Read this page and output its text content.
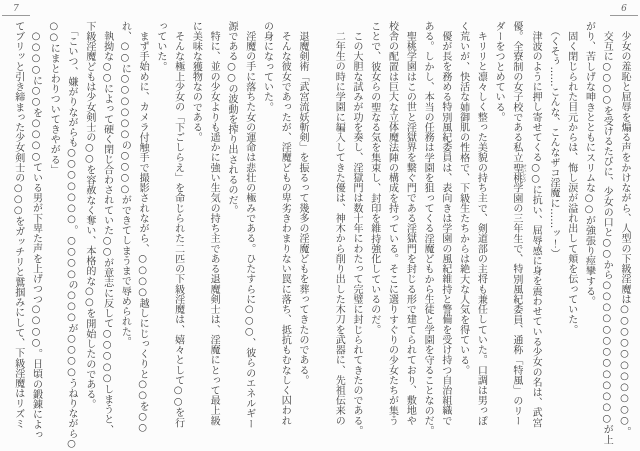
7	6
退魔剣術「武宮流妖斬剣」を振るって幾多の淫魔どもを葬ってきたのである。
そんな彼女であったが、淫魔どもの卑劣きわまりない罠に落ち、抵抗もむなしく囚われ
の身になっていた。
淫魔の手に落ちた女の運命は悲壮の極みである。ひたすらに○○○、彼らのエネルギー
源である○○の波動を搾り出されるのだ。
特に、並の少女よりも遥かに強い生気の持ち主である退魔剣士は、淫魔にとって最上級
に美味な獲物なのである。
そんな極上少女の「下ごしらえ」を命じられた二匹の下級淫魔は、嬉々として○○を行
っていた。
まず手始めに、カメラ付触手で撮影されながら、○○○○越しにじっくりと○○を○○
れ、○○に○○○○○○の○○○○ができてしまうまで辱められた。
執拗な○○によって硬く閉じ合わされていた○○が意志に反して○○○○○しまうと、
下級淫魔どもは少女剣士の○○を容赦なく奪い、本格的な○○を開始したのである。
「こいつ、嫌がりながらも○○○○○○○。○○○○の○○○が○○○○うねりながら○
○○にまとわりついてきやがる」
○○○○に○○を○○○○ている男が下卑た声を上げつつ○○○○。日頃の鍛錬によっ
てブリッと引き締まった少女剣士の○○○をガッチリと鷲掴みにして、下級淫魔はリズミ	少女の羞恥と屈辱を煽る声をかけながら、人型の下級淫魔は○○○○○○○○○○○。
交互に○○○○を受けるたびに、少女の口と○○から○○○○○○○○○○○○○が上
がり、苦しげな呻きとともにスリムな○○が強張り痙攣する。
固く閉じられた目元からは、悔し涙が溢れ出して頬を伝っていた。
（くそぅ……こんな、こんなザコ淫魔に……ッ！）
津波のように押し寄せてくる○○に抗い、屈辱感に身を震わせている少女の名は、武宮
優。全寮制の女子校である私立聖桃 せいとう学園の三年生で、特別風紀委員、通称「特風」のリー
ダーをつとめている。
キリリと凛々しく整った美貌の持ち主で、剣道部の主将も兼任していた。口調は男っぽ
く荒いが、快活な姉御肌の性格で、下級生たちからは絶大な人気を得ている。
優が長を務める特別風紀委員は、表向きは学園の風紀維持と警備を受け持つ自治組織で
ある。しかし、本当の任務は学園を狙ってくる淫魔どもから生徒と学園を守ることなのだ。
聖桃学園はこの世と淫獄界を繋ぐ門である淫獄門を封じる形で建てられており、敷地や
校舎の配置は巨大な立体魔法陣の構成を持っている。そこに選りすぐりの少女たちが集う
ことで、彼女らの聖なる気を集束し、封印を維持強化しているのだ。
この大胆な試みが功を奏し、淫獄門は数十年にわたって完璧に封じられてきたのである。
二年生の時に学園に編入してきた優は、神木から削り出した木刀を武器に、先祖伝来の
